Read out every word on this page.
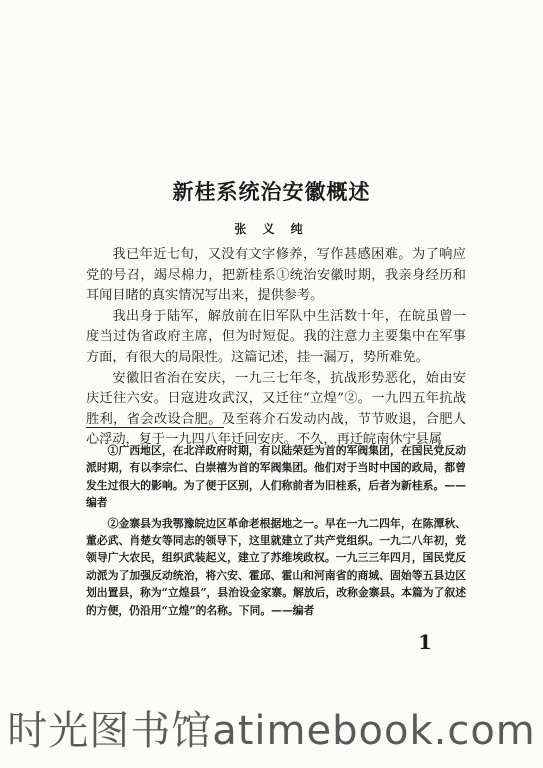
新桂系统治安徽概述
张 义 纯

我已年近七旬，又没有文字修养，写作甚感困难。为了响应党的号召，竭尽棉力，把新桂系①统治安徽时期，我亲身经历和耳闻目睹的真实情况写出来，提供参考。

我出身于陆军，解放前在旧军队中生活数十年，在皖虽曾一度当过伪省政府主席，但为时短促。我的注意力主要集中在军事方面，有很大的局限性。这篇记述，挂一漏万，势所难免。

安徽旧省治在安庆，一九三七年冬，抗战形势恶化，始由安庆迁往六安。日寇进攻武汉，又迁往“立煌”②。一九四五年抗战胜利，省会改设合肥。及至蒋介石发动内战，节节败退，合肥人心浮动，复于一九四八年迁回安庆。不久，再迁皖南休宁县属

①广西地区，在北洋政府时期，有以陆荣廷为首的军阀集团，在国民党反动派时期，有以李宗仁、白崇禧为首的军阀集团。他们对于当时中国的政局，都曾发生过很大的影响。为了便于区别，人们称前者为旧桂系，后者为新桂系。——编者

②金寨县为我鄂豫皖边区革命老根据地之一。早在一九二四年，在陈潭秋、董必武、肖楚女等同志的领导下，这里就建立了共产党组织。一九二八年初，党领导广大农民，组织武装起义，建立了苏维埃政权。一九三三年四月，国民党反动派为了加强反动统治，将六安、霍邱、霍山和河南省的商城、固始等五县边区划出置县，称为“立煌县”，县治设金家寨。解放后，改称金寨县。本篇为了叙述的方便，仍沿用“立煌”的名称。下同。——编者

1
时光图书馆atimebook.com
